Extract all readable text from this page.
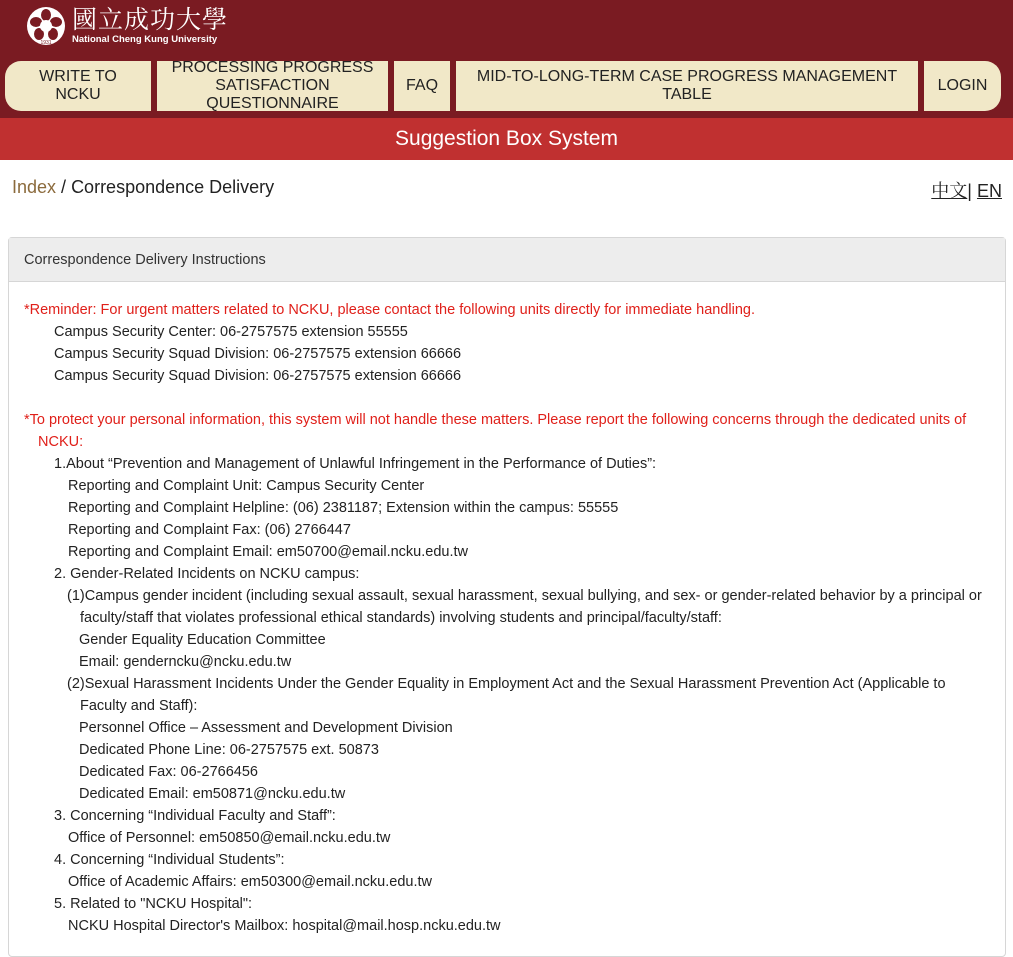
1931
國立成功大學
National Cheng Kung University
WRITE TO NCKU
PROCESSING PROGRESS
SATISFACTION QUESTIONNAIRE
FAQ
MID-TO-LONG-TERM CASE PROGRESS MANAGEMENT TABLE
LOGIN
Suggestion Box System
Index / Correspondence Delivery	中文| EN
Correspondence Delivery Instructions
*Reminder: For urgent matters related to NCKU, please contact the following units directly for immediate handling.
Campus Security Center: 06-2757575 extension 55555
Campus Security Squad Division: 06-2757575 extension 66666
Campus Security Squad Division: 06-2757575 extension 66666
*To protect your personal information, this system will not handle these matters. Please report the following concerns through the dedicated units of NCKU:
1.About “Prevention and Management of Unlawful Infringement in the Performance of Duties”:
Reporting and Complaint Unit: Campus Security Center
Reporting and Complaint Helpline: (06) 2381187; Extension within the campus: 55555
Reporting and Complaint Fax: (06) 2766447
Reporting and Complaint Email: em50700@email.ncku.edu.tw
2. Gender-Related Incidents on NCKU campus:
(1)Campus gender incident (including sexual assault, sexual harassment, sexual bullying, and sex- or gender-related behavior by a principal or faculty/staff that violates professional ethical standards) involving students and principal/faculty/staff:
Gender Equality Education Committee
Email: genderncku@ncku.edu.tw
(2)Sexual Harassment Incidents Under the Gender Equality in Employment Act and the Sexual Harassment Prevention Act (Applicable to Faculty and Staff):
Personnel Office – Assessment and Development Division
Dedicated Phone Line: 06-2757575 ext. 50873
Dedicated Fax: 06-2766456
Dedicated Email: em50871@ncku.edu.tw
3. Concerning “Individual Faculty and Staff”:
Office of Personnel: em50850@email.ncku.edu.tw
4. Concerning “Individual Students”:
Office of Academic Affairs: em50300@email.ncku.edu.tw
5. Related to "NCKU Hospital":
NCKU Hospital Director's Mailbox: hospital@mail.hosp.ncku.edu.tw
